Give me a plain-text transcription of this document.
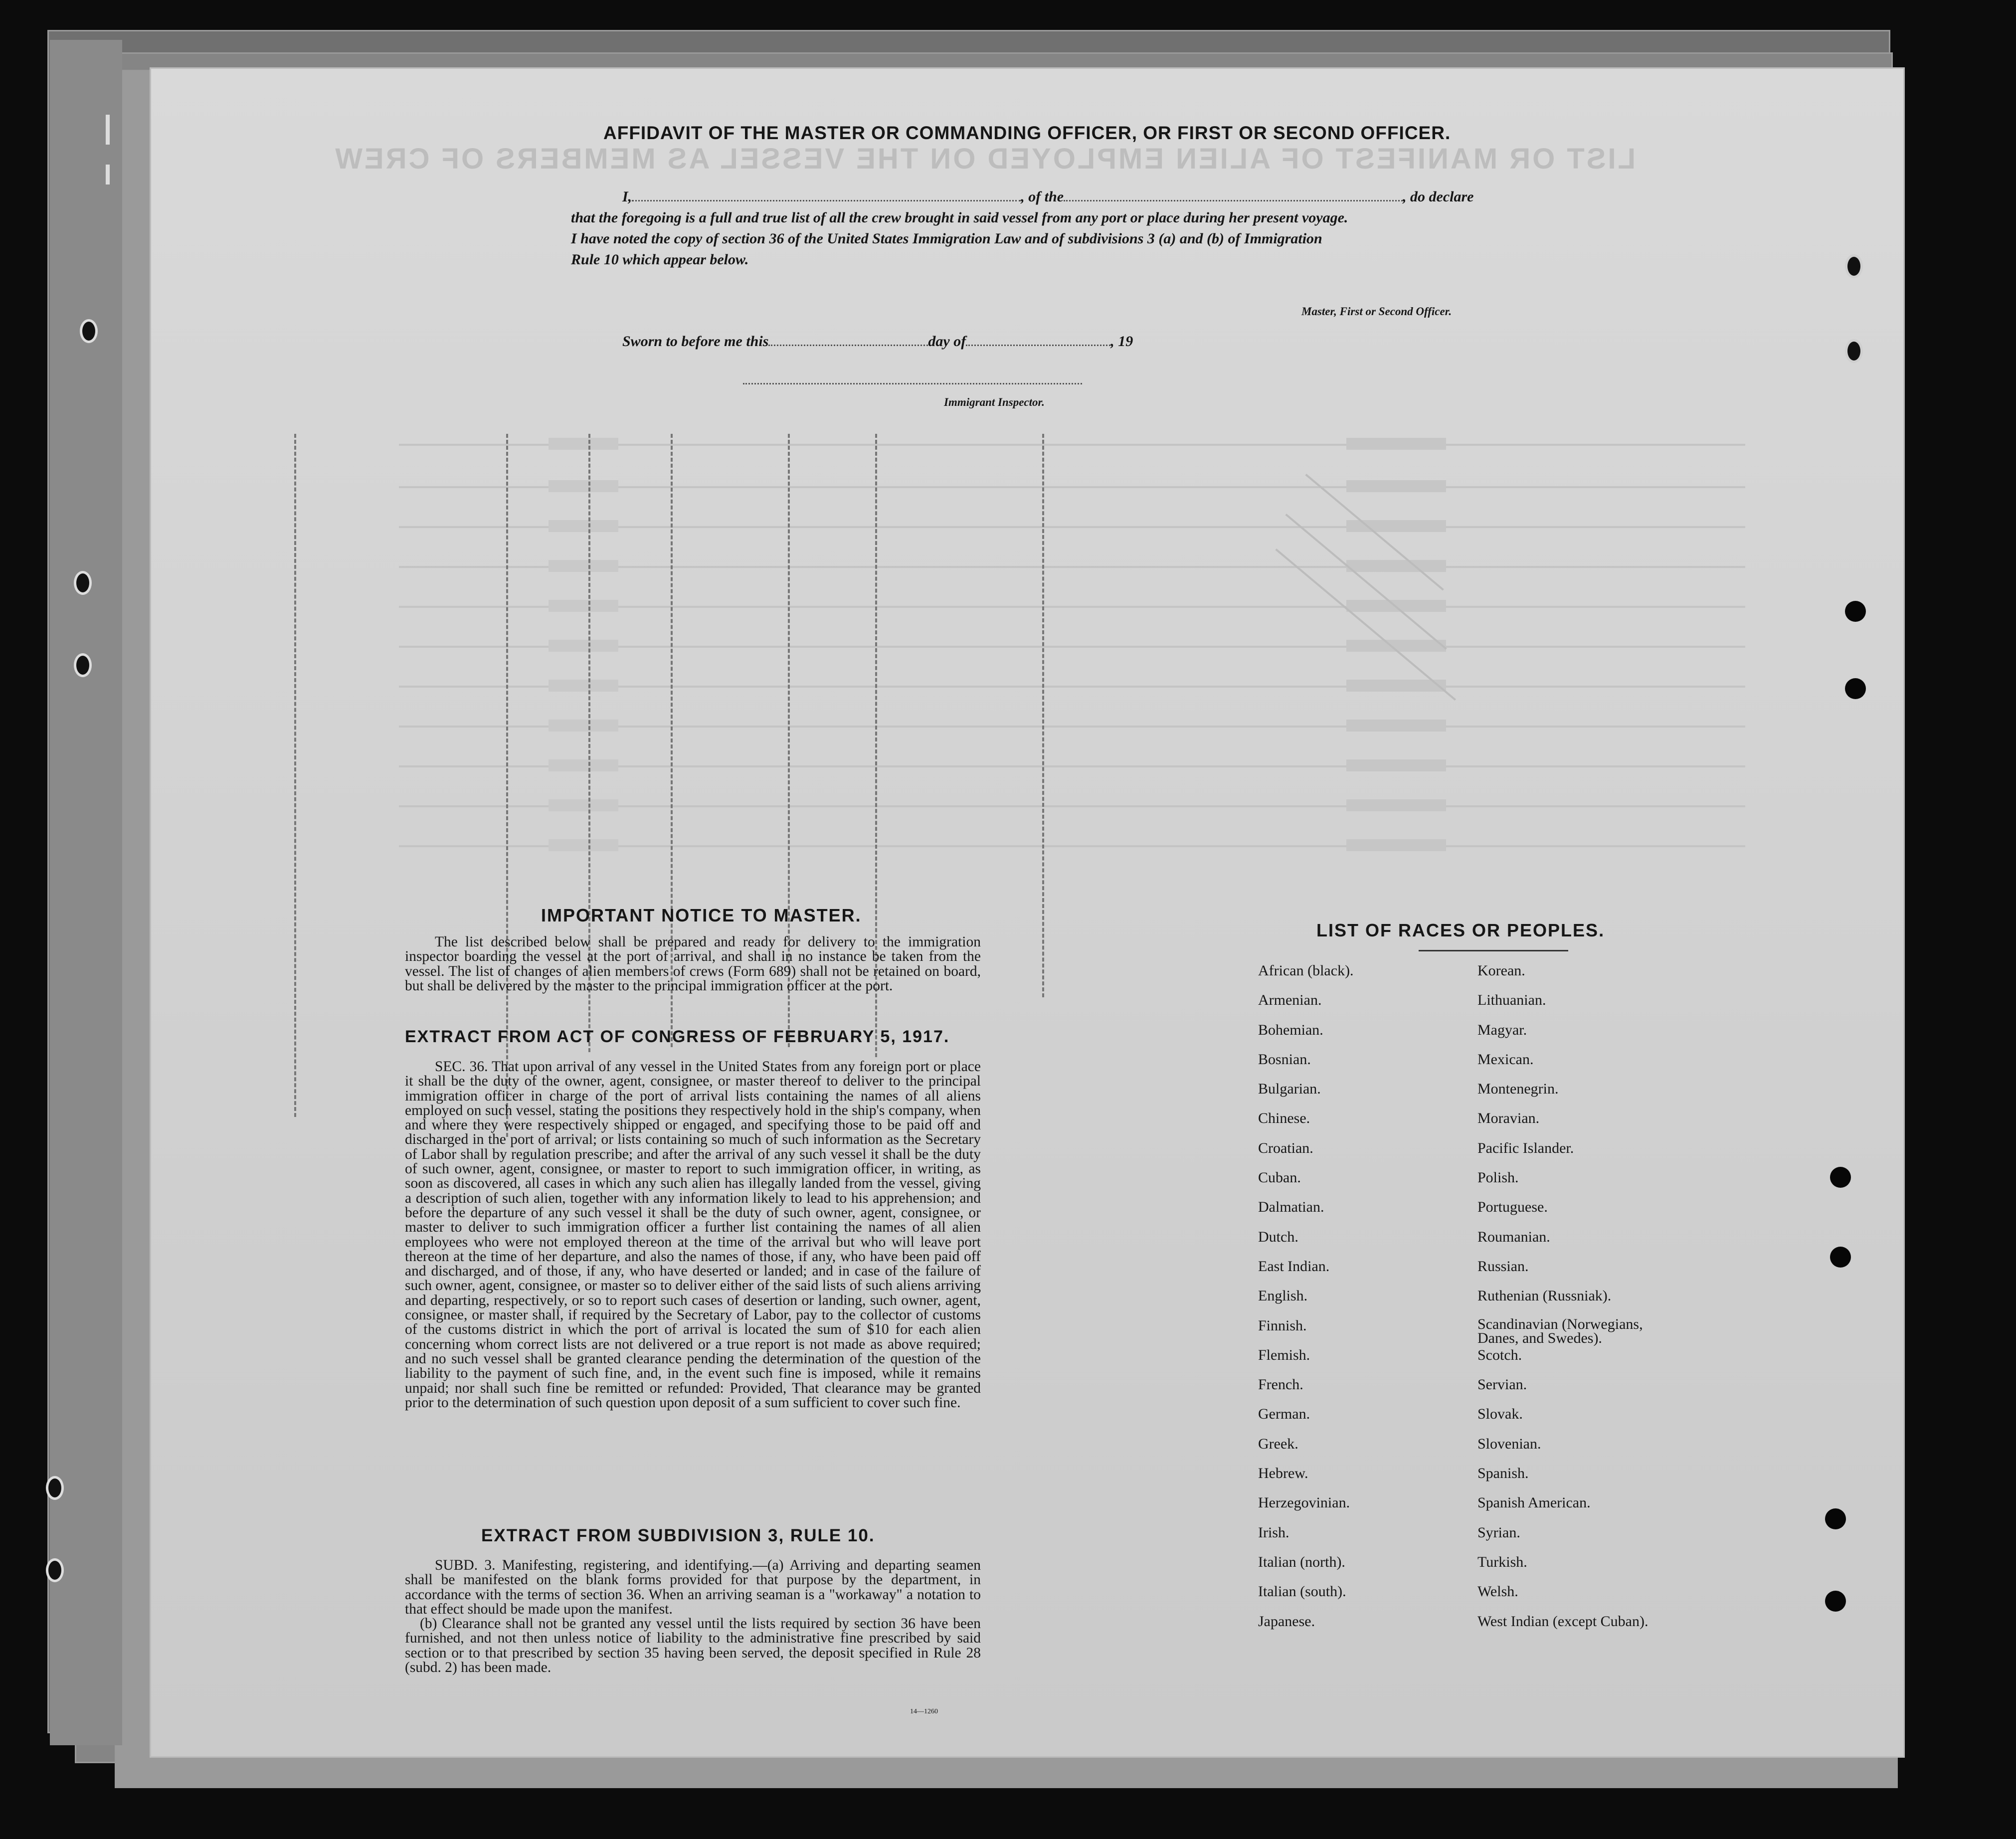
LIST OR MANIFEST OF ALIEN EMPLOYED ON THE VESSEL AS MEMBERS OF CREW
AFFIDAVIT OF THE MASTER OR COMMANDING OFFICER, OR FIRST OR SECOND OFFICER.
I,	, of the	, do declare
that the foregoing is a full and true list of all the crew brought in said vessel from any port or place during her present voyage.
I have noted the copy of section 36 of the United States Immigration Law and of subdivisions 3 (a) and (b) of Immigration
Rule 10 which appear below.
Master, First or Second Officer.
Sworn to before me this	day of	, 19
Immigrant Inspector.
IMPORTANT NOTICE TO MASTER.

The list described below shall be prepared and ready for delivery to the immigration inspector boarding the vessel at the port of arrival, and shall in no instance be taken from the vessel. The list of changes of alien members of crews (Form 689) shall not be retained on board, but shall be delivered by the master to the principal immigration officer at the port.

EXTRACT FROM ACT OF CONGRESS OF FEBRUARY 5, 1917.

SEC. 36. That upon arrival of any vessel in the United States from any foreign port or place it shall be the duty of the owner, agent, consignee, or master thereof to deliver to the principal immigration officer in charge of the port of arrival lists containing the names of all aliens employed on such vessel, stating the positions they respectively hold in the ship's company, when and where they were respectively shipped or engaged, and specifying those to be paid off and discharged in the port of arrival; or lists containing so much of such information as the Secretary of Labor shall by regulation prescribe; and after the arrival of any such vessel it shall be the duty of such owner, agent, consignee, or master to report to such immigration officer, in writing, as soon as discovered, all cases in which any such alien has illegally landed from the vessel, giving a description of such alien, together with any information likely to lead to his apprehension; and before the departure of any such vessel it shall be the duty of such owner, agent, consignee, or master to deliver to such immigration officer a further list containing the names of all alien employees who were not employed thereon at the time of the arrival but who will leave port thereon at the time of her departure, and also the names of those, if any, who have been paid off and discharged, and of those, if any, who have deserted or landed; and in case of the failure of such owner, agent, consignee, or master so to deliver either of the said lists of such aliens arriving and departing, respectively, or so to report such cases of desertion or landing, such owner, agent, consignee, or master shall, if required by the Secretary of Labor, pay to the collector of customs of the customs district in which the port of arrival is located the sum of $10 for each alien concerning whom correct lists are not delivered or a true report is not made as above required; and no such vessel shall be granted clearance pending the determination of the question of the liability to the payment of such fine, and, in the event such fine is imposed, while it remains unpaid; nor shall such fine be remitted or refunded: Provided, That clearance may be granted prior to the determination of such question upon deposit of a sum sufficient to cover such fine.

EXTRACT FROM SUBDIVISION 3, RULE 10.

SUBD. 3. Manifesting, registering, and identifying.—(a) Arriving and departing seamen shall be manifested on the blank forms provided for that purpose by the department, in accordance with the terms of section 36. When an arriving seaman is a "workaway" a notation to that effect should be made upon the manifest.

(b) Clearance shall not be granted any vessel until the lists required by section 36 have been furnished, and not then unless notice of liability to the administrative fine prescribed by said section or to that prescribed by section 35 having been served, the deposit specified in Rule 28 (subd. 2) has been made.

LIST OF RACES OR PEOPLES.
African (black).
Armenian.
Bohemian.
Bosnian.
Bulgarian.
Chinese.
Croatian.
Cuban.
Dalmatian.
Dutch.
East Indian.
English.
Finnish.
Flemish.
French.
German.
Greek.
Hebrew.
Herzegovinian.
Irish.
Italian (north).
Italian (south).
Japanese.
Korean.
Lithuanian.
Magyar.
Mexican.
Montenegrin.
Moravian.
Pacific Islander.
Polish.
Portuguese.
Roumanian.
Russian.
Ruthenian (Russniak).
Scandinavian (Norwegians, Danes, and Swedes).
Scotch.
Servian.
Slovak.
Slovenian.
Spanish.
Spanish American.
Syrian.
Turkish.
Welsh.
West Indian (except Cuban).
14—1260
